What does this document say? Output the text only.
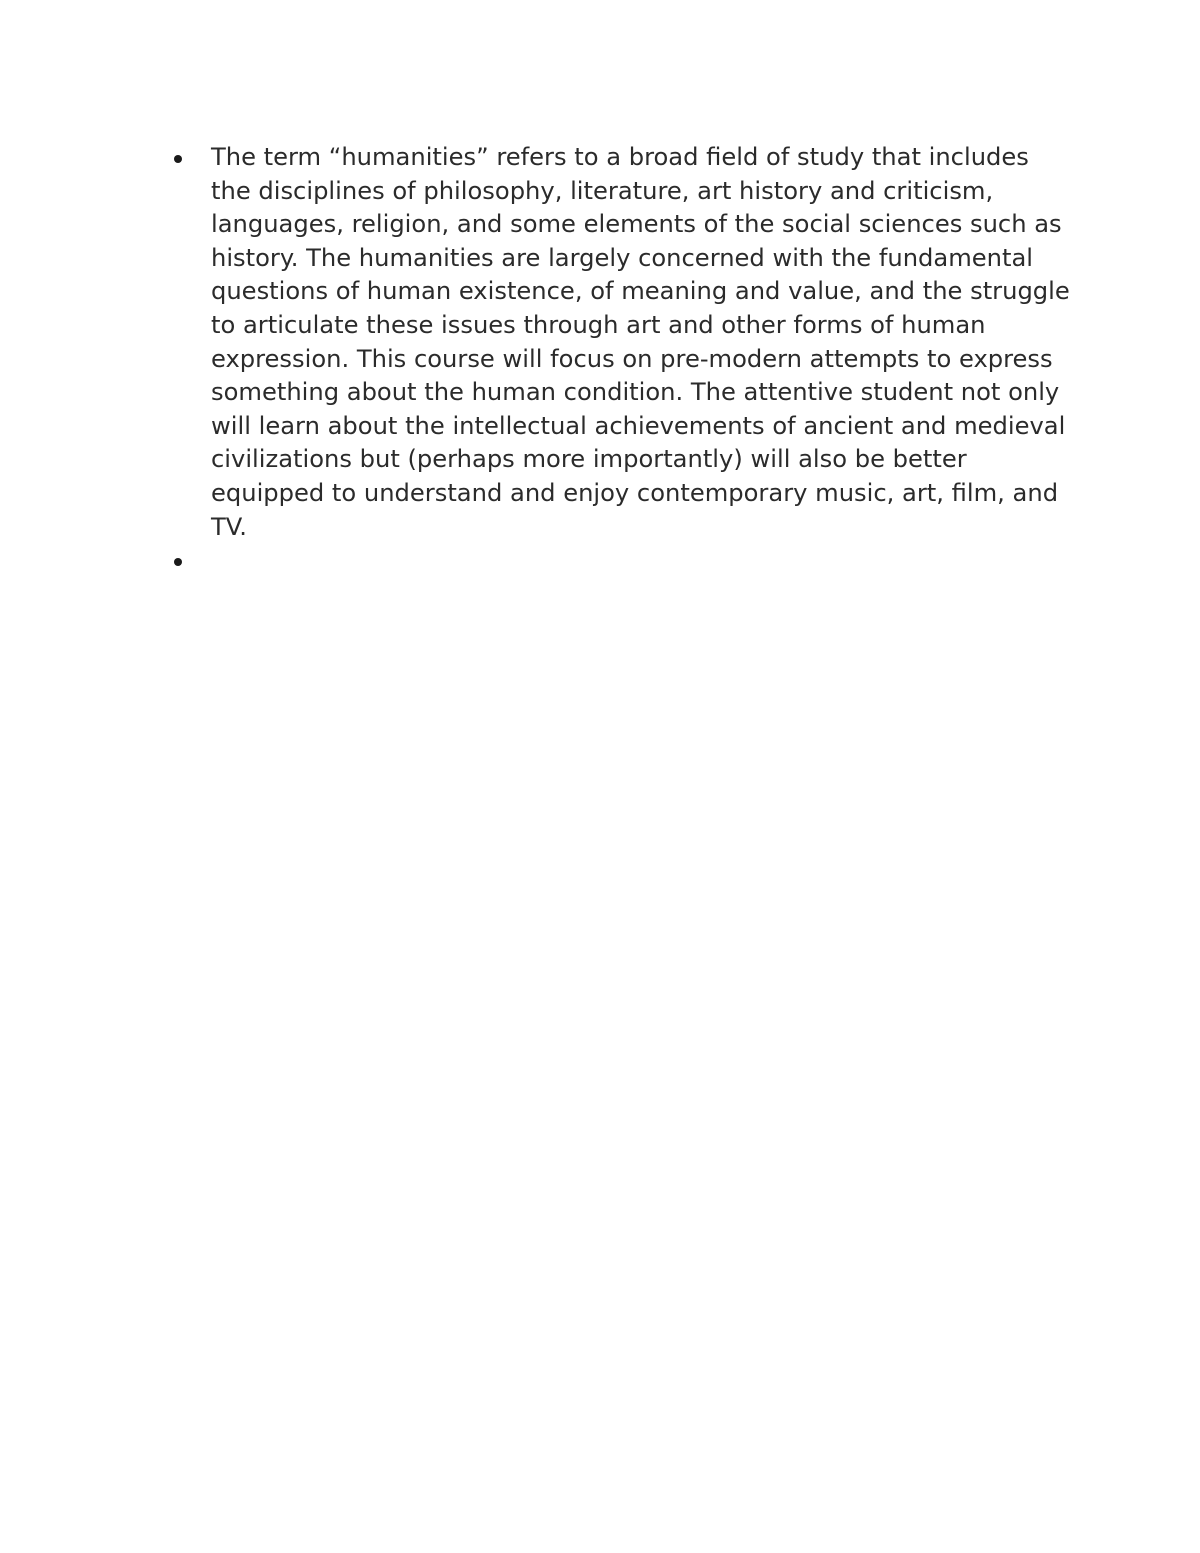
The term “humanities” refers to a broad field of study that includes the disciplines of philosophy, literature, art history and criticism, languages, religion, and some elements of the social sciences such as history. The humanities are largely concerned with the fundamental questions of human existence, of meaning and value, and the struggle to articulate these issues through art and other forms of human expression. This course will focus on pre-modern attempts to express something about the human condition. The attentive student not only will learn about the intellectual achievements of ancient and medieval civilizations but (perhaps more importantly) will also be better equipped to understand and enjoy contemporary music, art, film, and TV.
